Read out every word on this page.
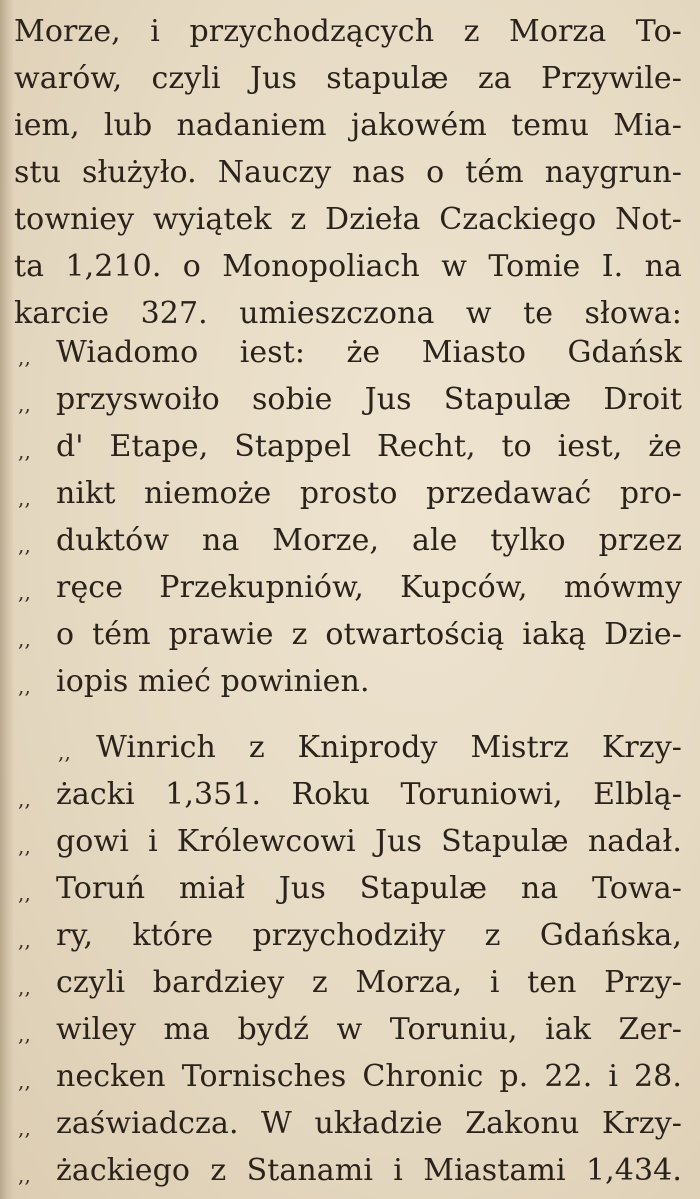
Morze, i przychodzących z Morza To-
warów, czyli Jus stapulæ za Przywile-
iem, lub nadaniem jakowém temu Mia-
stu służyło. Nauczy nas o tém naygrun-
towniey wyiątek z Dzieła Czackiego Not-
ta 1,210. o Monopoliach w Tomie I. na
karcie 327. umieszczona w te słowa:
,, Wiadomo iest: że Miasto Gdańsk
,, przyswoiło sobie Jus Stapulæ Droit
,, d' Etape, Stappel Recht, to iest, że
,, nikt niemoże prosto przedawać pro-
,, duktów na Morze, ale tylko przez
,, ręce Przekupniów, Kupców, mówmy
,, o tém prawie z otwartością iaką Dzie-
,, iopis mieć powinien.
,, Winrich z Kniprody Mistrz Krzy-
,, żacki 1,351. Roku Toruniowi, Elblą-
,, gowi i Królewcowi Jus Stapulæ nadał.
,, Toruń miał Jus Stapulæ na Towa-
,, ry, które przychodziły z Gdańska,
,, czyli bardziey z Morza, i ten Przy-
,, wiley ma bydź w Toruniu, iak Zer-
,, necken Tornisches Chronic p. 22. i 28.
,, zaświadcza. W układzie Zakonu Krzy-
,, żackiego z Stanami i Miastami 1,434.
